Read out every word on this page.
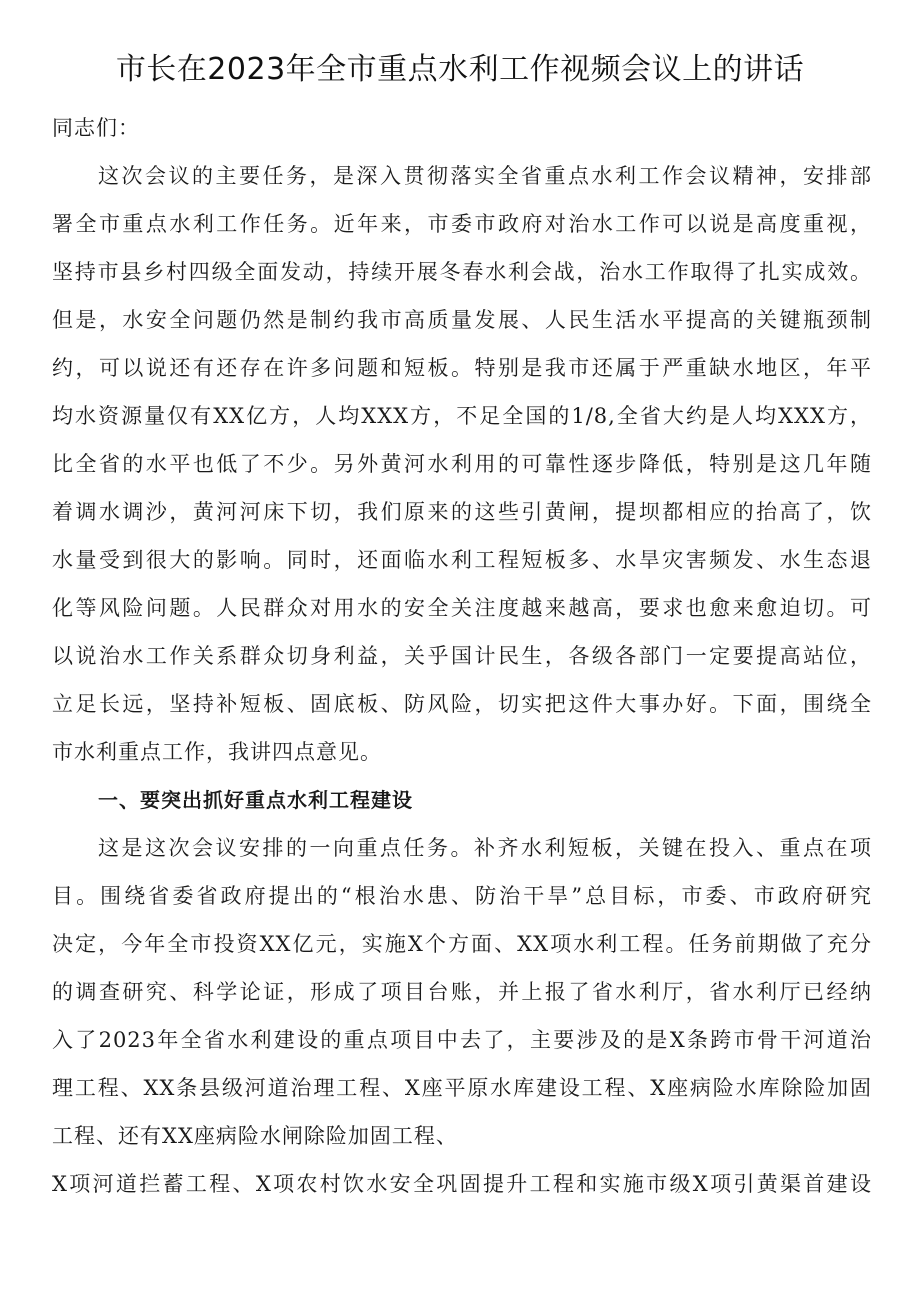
市长在2023年全市重点水利工作视频会议上的讲话
同志们：
这次会议的主要任务，是深入贯彻落实全省重点水利工作会议精神，安排部
署全市重点水利工作任务。近年来，市委市政府对治水工作可以说是高度重视，
坚持市县乡村四级全面发动，持续开展冬春水利会战，治水工作取得了扎实成效。
但是，水安全问题仍然是制约我市高质量发展、人民生活水平提高的关键瓶颈制
约，可以说还有还存在许多问题和短板。特别是我市还属于严重缺水地区，年平
均水资源量仅有XX亿方，人均XXX方，不足全国的1/8,全省大约是人均XXX方，
比全省的水平也低了不少。另外黄河水利用的可靠性逐步降低，特别是这几年随
着调水调沙，黄河河床下切，我们原来的这些引黄闸，提坝都相应的抬高了，饮
水量受到很大的影响。同时，还面临水利工程短板多、水旱灾害频发、水生态退
化等风险问题。人民群众对用水的安全关注度越来越高，要求也愈来愈迫切。可
以说治水工作关系群众切身利益，关乎国计民生，各级各部门一定要提高站位，
立足长远，坚持补短板、固底板、防风险，切实把这件大事办好。下面，围绕全
市水利重点工作，我讲四点意见。
一、要突出抓好重点水利工程建设
这是这次会议安排的一向重点任务。补齐水利短板，关键在投入、重点在项
目。围绕省委省政府提出的“根治水患、防治干旱”总目标，市委、市政府研究
决定，今年全市投资XX亿元，实施X个方面、XX项水利工程。任务前期做了充分
的调查研究、科学论证，形成了项目台账，并上报了省水利厅，省水利厅已经纳
入了2023年全省水利建设的重点项目中去了，主要涉及的是X条跨市骨干河道治
理工程、XX条县级河道治理工程、X座平原水库建设工程、X座病险水库除险加固
工程、还有XX座病险水闸除险加固工程、
X项河道拦蓄工程、X项农村饮水安全巩固提升工程和实施市级X项引黄渠首建设
